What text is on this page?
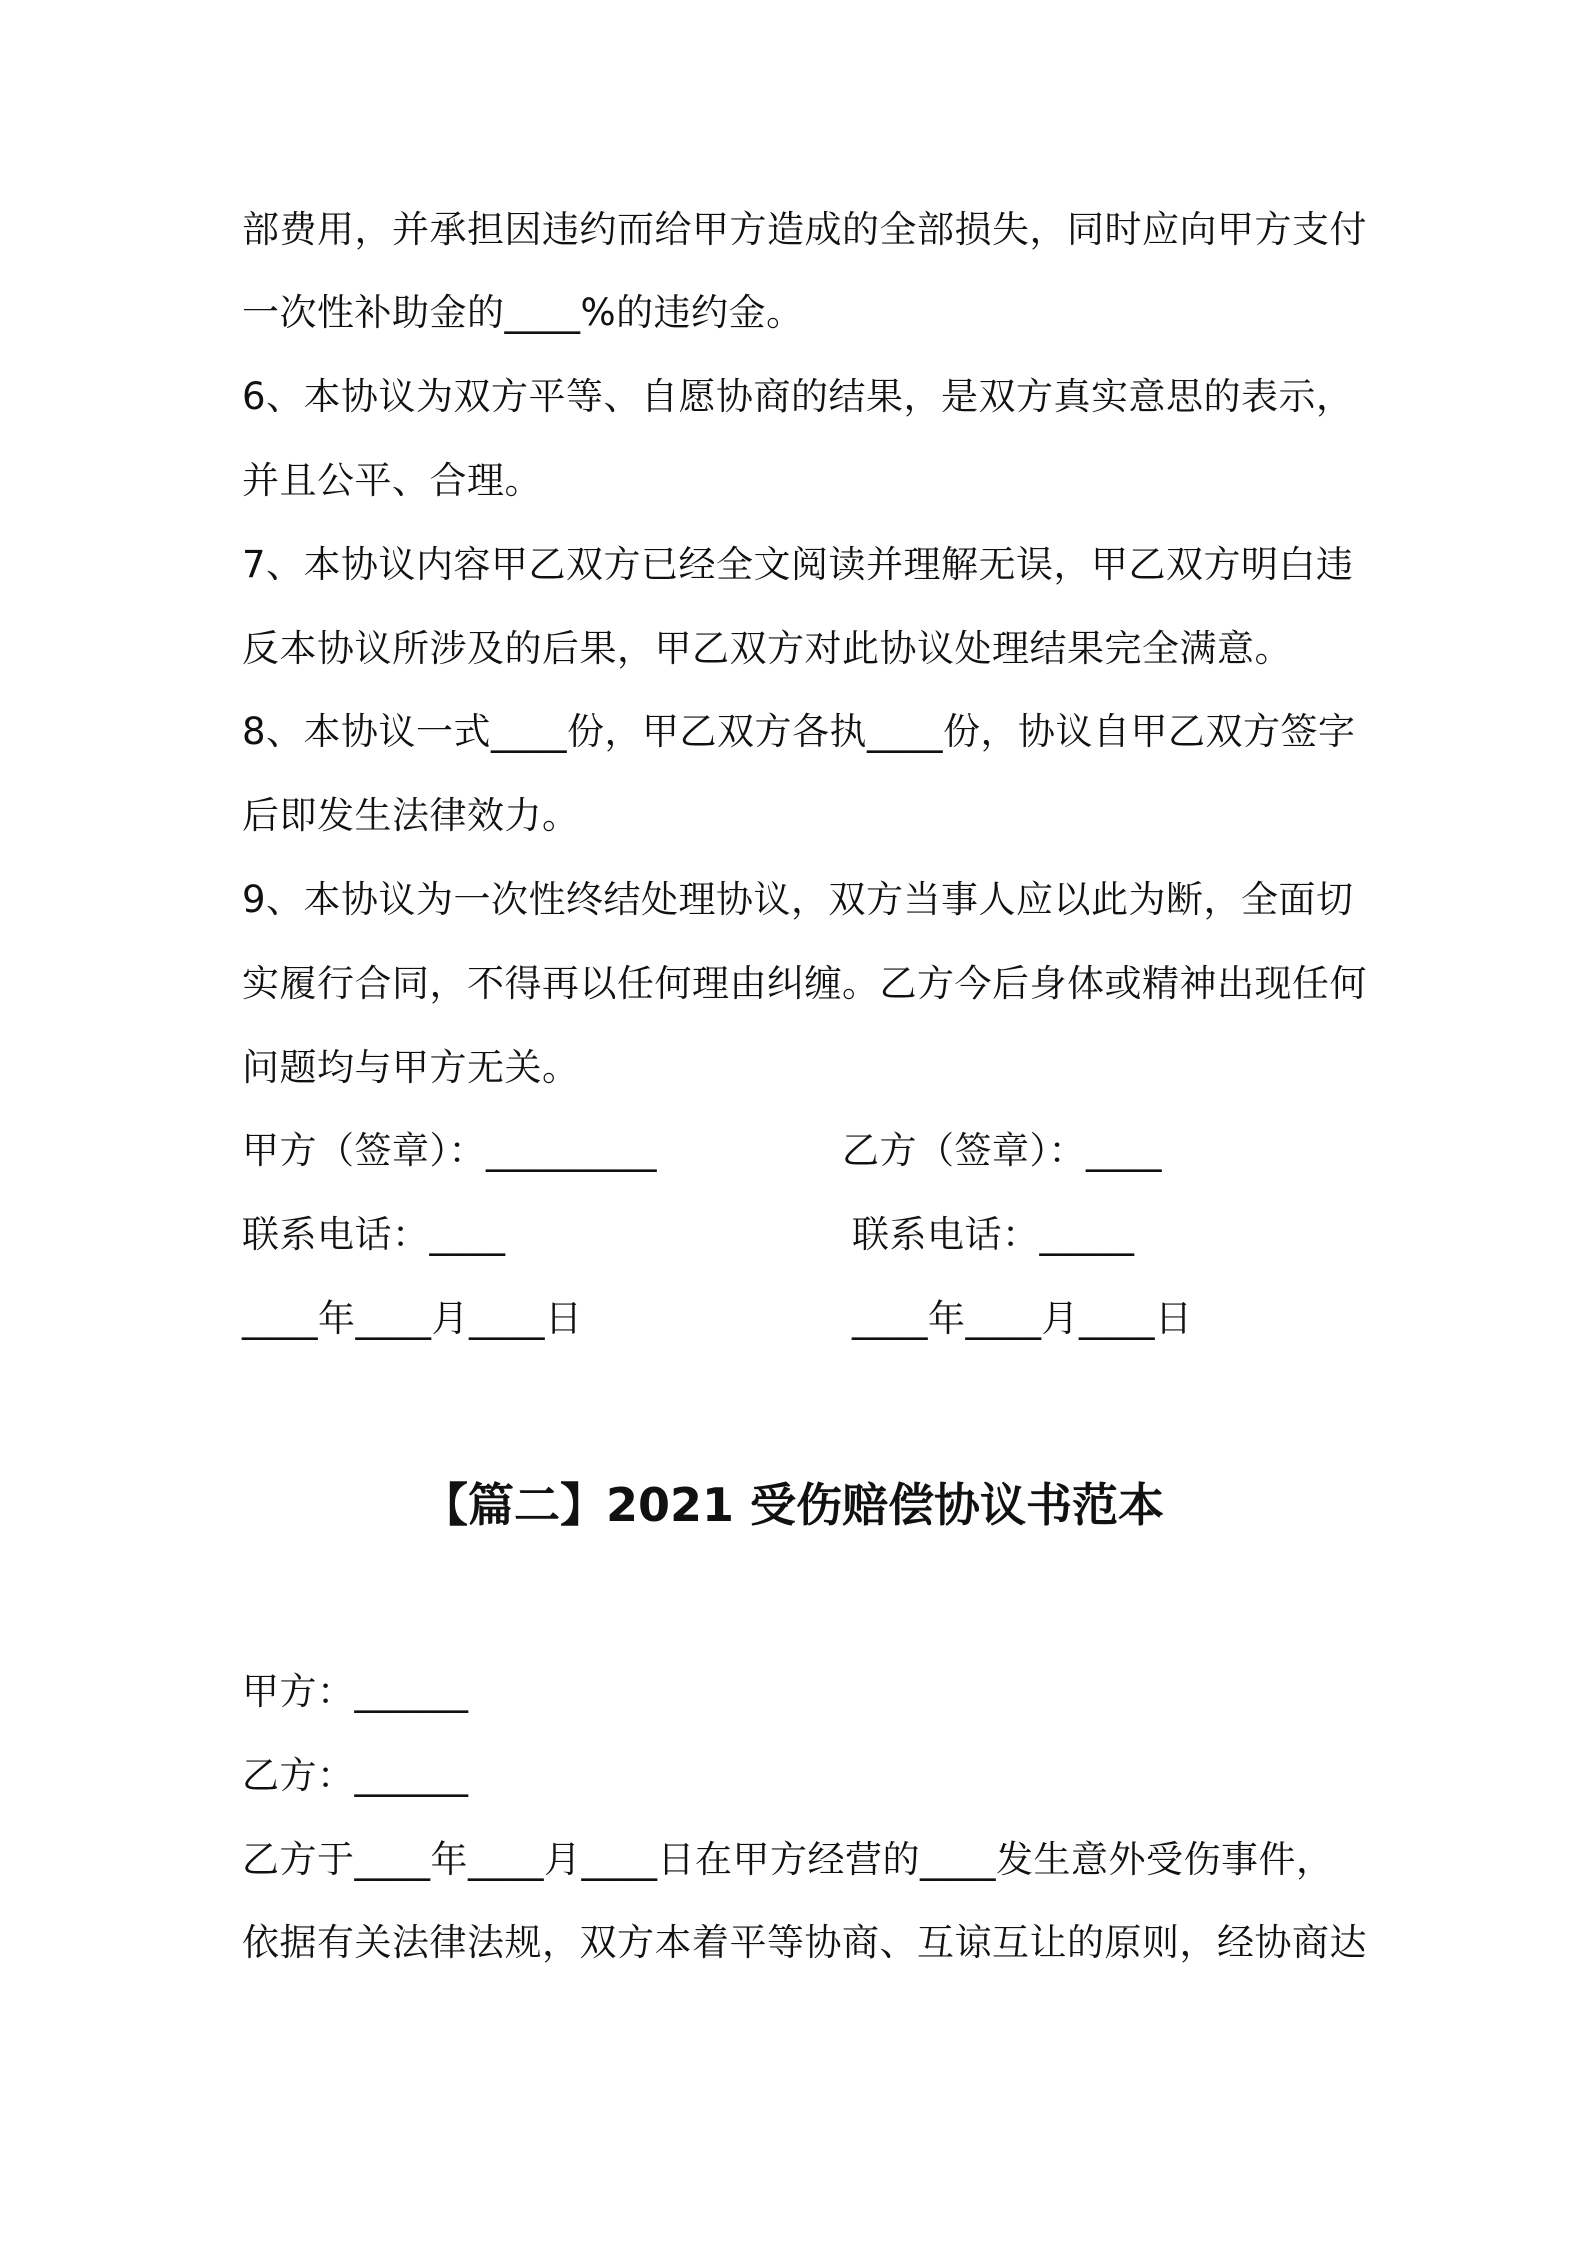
部费用，并承担因违约而给甲方造成的全部损失，同时应向甲方支付
一次性补助金的____%的违约金。
6、本协议为双方平等、自愿协商的结果，是双方真实意思的表示，
并且公平、合理。
7、本协议内容甲乙双方已经全文阅读并理解无误，甲乙双方明白违
反本协议所涉及的后果，甲乙双方对此协议处理结果完全满意。
8、本协议一式____份，甲乙双方各执____份，协议自甲乙双方签字
后即发生法律效力。
9、本协议为一次性终结处理协议，双方当事人应以此为断，全面切
实履行合同，不得再以任何理由纠缠。乙方今后身体或精神出现任何
问题均与甲方无关。
甲方（签章）：_________	乙方（签章）：____
联系电话：____	联系电话：_____
____年____月____日	____年____月____日
【篇二】2021 受伤赔偿协议书范本
甲方：______
乙方：______
乙方于____年____月____日在甲方经营的____发生意外受伤事件，
依据有关法律法规，双方本着平等协商、互谅互让的原则，经协商达
